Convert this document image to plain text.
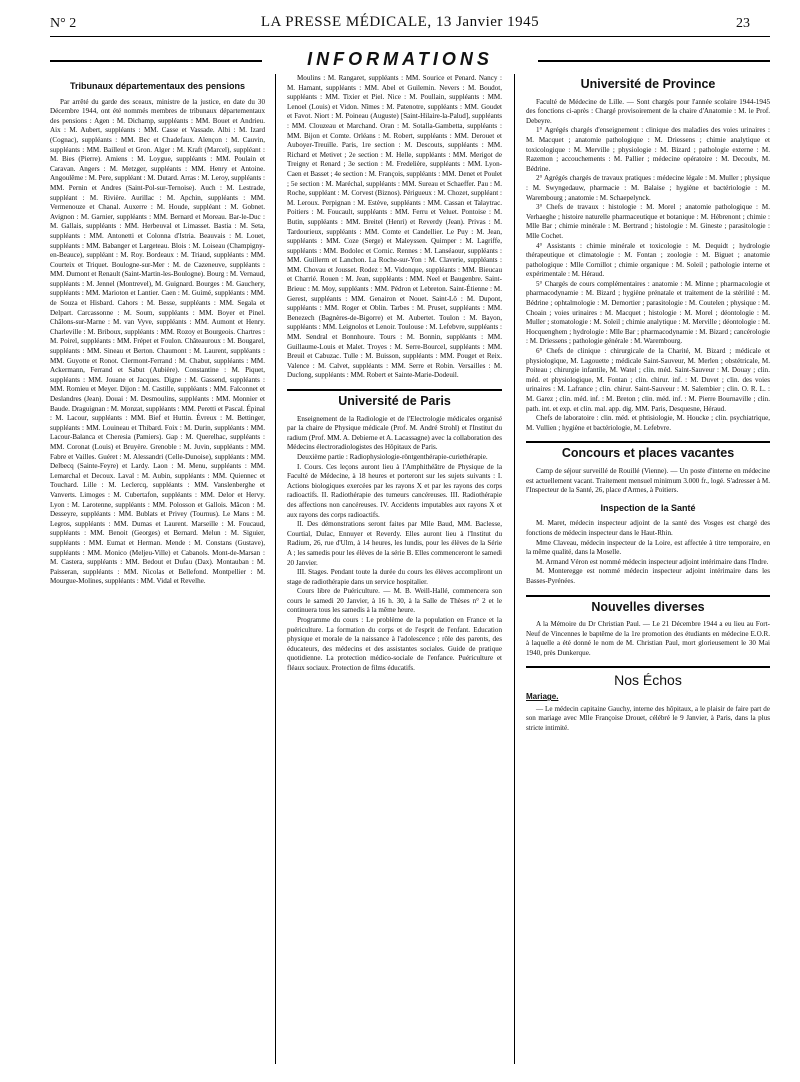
N° 2	LA PRESSE MÉDICALE, 13 Janvier 1945	23
INFORMATIONS
Tribunaux départementaux des pensions

Par arrêté du garde des sceaux, ministre de la justice, en date du 30 Décembre 1944, ont été nommés membres de tribunaux départementaux des pensions : Agen : M. Dichamp, suppléants : MM. Bouet et Andrieu. Aix : M. Aubert, suppléants : MM. Casse et Vassade. Albi : M. Izard (Cognac), suppléants : MM. Bec et Chadefaux. Alençon : M. Cauvin, suppléants : MM. Bailleul et Gron. Alger : M. Kraft (Marcel), suppléant : M. Bies (Pierre). Amiens : M. Loygue, suppléants : MM. Poulain et Caravan. Angers : M. Metzger, suppléants : MM. Henry et Antoine. Angoulême : M. Pere, suppléant : M. Dutard. Arras : M. Leroy, suppléants : MM. Pernin et Andres (Saint-Pol-sur-Ternoise). Auch : M. Lestrade, suppléant : M. Rivière. Aurillac : M. Apchin, suppléants : MM. Vermenouze et Chanal. Auxerre : M. Houde, suppléant : M. Gobnet. Avignon : M. Garnier, suppléants : MM. Bernard et Moreau. Bar-le-Duc : M. Gallais, suppléants : MM. Herbeuval et Limasset. Bastia : M. Seta, suppléants : MM. Antonetti et Colonna d'Istria. Beauvais : M. Louet, suppléants : MM. Babanger et Largeteau. Blois : M. Loiseau (Champigny-en-Beauce), suppléant : M. Roy. Bordeaux : M. Triaud, suppléants : MM. Courteix et Triquet. Boulogne-sur-Mer : M. de Cazeneuve, suppléants : MM. Dumont et Renault (Saint-Martin-les-Boulogne). Bourg : M. Vernaud, suppléants : M. Jennel (Montrevel), M. Guignard. Bourges : M. Gauchery, suppléants : MM. Marioton et Lantier. Caen : M. Guimé, suppléants : MM. de Souza et Hisbard. Cahors : M. Besse, suppléants : MM. Segala et Delpart. Carcassonne : M. Soum, suppléants : MM. Boyer et Pinel. Châlons-sur-Marne : M. van Vyve, suppléants : MM. Aumont et Henry. Charleville : M. Briboux, suppléants : MM. Rozoy et Bourgeois. Chartres : M. Poirel, suppléants : MM. Frépet et Foulon. Châteauroux : M. Bougarel, suppléants : MM. Sineau et Berton. Chaumont : M. Laurent, suppléants : MM. Guyotte et Ronot. Clermont-Ferrand : M. Chabut, suppléants : MM. Ackermann, Ferrand et Sabut (Aubière). Constantine : M. Piquet, suppléants : MM. Jouane et Jacques. Digne : M. Gassend, suppléants : MM. Romieu et Meyer. Dijon : M. Castille, suppléants : MM. Falconnet et Deslandres (Jean). Douai : M. Desmoulins, suppléants : MM. Monnier et Baude. Draguignan : M. Monzat, suppléants : MM. Peretti et Pascal. Épinal : M. Lacour, suppléants : MM. Bief et Huttin. Évreux : M. Bettinger, suppléants : MM. Louineau et Thibard. Foix : M. Durin, suppléants : MM. Lacour-Balanca et Cheresia (Pamiers). Gap : M. Querelhac, suppléants : MM. Coronat (Louis) et Bruyère. Grenoble : M. Juvin, suppléants : MM. Fabre et Vailles. Guéret : M. Alessandri (Celle-Dunoise), suppléants : MM. Delbecq (Sainte-Feyre) et Lardy. Laon : M. Menu, suppléants : MM. Lemarchal et Decoux. Laval : M. Aubin, suppléants : MM. Quiennec et Touchard. Lille : M. Leclercq, suppléants : MM. Vanslenberghe et Vanverts. Limoges : M. Cubertafon, suppléants : MM. Delor et Hervy. Lyon : M. Larotenne, suppléants : MM. Polosson et Gallois. Mâcon : M. Desseyre, suppléants : MM. Bublats et Privey (Tournus). Le Mans : M. Legros, suppléants : MM. Dumas et Laurent. Marseille : M. Foucaud, suppléants : MM. Benoit (Georges) et Bernard. Melun : M. Siguier, suppléants : MM. Eumat et Herman. Mende : M. Constans (Gustave), suppléants : MM. Monico (Meljeu-Ville) et Cabanols. Mont-de-Marsan : M. Castera, suppléants : MM. Bedout et Dufau (Dax). Montauban : M. Paisseran, suppléants : MM. Nicolas et Bellefond. Montpellier : M. Mourgue-Molines, suppléants : MM. Vidal et Revelhe.

Moulins : M. Rangaret, suppléants : MM. Sourice et Penard. Nancy : M. Hamant, suppléants : MM. Abel et Guilemin. Nevers : M. Boudot, suppléants : MM. Tixier et Piel. Nice : M. Poullain, suppléants : MM. Lenoel (Louis) et Vidon. Nîmes : M. Patenotre, suppléants : MM. Goudet et Favot. Niort : M. Poineau (Auguste) [Saint-Hilaire-la-Palud], suppléants : MM. Clouzeau et Marchand. Oran : M. Sotalla-Gambetta, suppléants : MM. Bijon et Comte. Orléans : M. Robert, suppléants : MM. Derouet et Auboyer-Treuille. Paris, 1re section : M. Descouts, suppléants : MM. Richard et Metivet ; 2e section : M. Helle, suppléants : MM. Merigot de Treigny et Renard ; 3e section : M. Fredelière, suppléants : MM. Lyon-Caen et Basset ; 4e section : M. François, suppléants : MM. Denet et Poulet ; 5e section : M. Maréchal, suppléants : MM. Sureau et Schaeffer. Pau : M. Roche, suppléant : M. Corvest (Biznos). Périgueux : M. Chozet, suppléant : M. Leroux. Perpignan : M. Estève, suppléants : MM. Cassan et Talaytrac. Poitiers : M. Foucault, suppléants : MM. Ferru et Veluet. Pontoise : M. Butin, suppléants : MM. Breitel (Henri) et Reverdy (Jean). Privas : M. Tardourieux, suppléants : MM. Comte et Candellier. Le Puy : M. Jean, suppléants : MM. Coze (Serge) et Maleyssen. Quimper : M. Lagriffe, suppléants : MM. Bodolec et Cornic. Rennes : M. Lanséaour, suppléants : MM. Guillerm et Lanchon. La Roche-sur-Yon : M. Claverie, suppléants : MM. Chovau et Jousset. Rodez : M. Vidonque, suppléants : MM. Bieucau et Charrié. Rouen : M. Jean, suppléants : MM. Neel et Baugenbre. Saint-Brieuc : M. Moy, suppléants : MM. Pédron et Lebreton. Saint-Étienne : M. Gerest, suppléants : MM. Genairon et Nouet. Saint-Lô : M. Dupont, suppléants : MM. Roger et Oblin. Tarbes : M. Pruset, suppléants : MM. Benezech (Bagnères-de-Bigorre) et M. Aubertet. Toulon : M. Bayon, suppléants : MM. Leignolos et Lenoir. Toulouse : M. Lefebvre, suppléants : MM. Sendral et Bonnhoure. Tours : M. Bonnin, suppléants : MM. Guillaume-Louis et Malet. Troyes : M. Serre-Bourcel, suppléants : MM. Breuil et Cabuzac. Tulle : M. Buisson, suppléants : MM. Pouget et Reix. Valence : M. Calvet, suppléants : MM. Serre et Robin. Versailles : M. Duclong, suppléants : MM. Robert et Sainte-Marie-Dodeuil.

Université de Paris

Enseignement de la Radiologie et de l'Electrologie médicales organisé par la chaire de Physique médicale (Prof. M. André Strohl) et l'Institut du radium (Prof. MM. A. Debierne et A. Lacassagne) avec la collaboration des Médecins électroradiologistes des Hôpitaux de Paris.

Deuxième partie : Radiophysiologie-röntgenthérapie-curiethérapie.

I. Cours. Ces leçons auront lieu à l'Amphithéâtre de Physique de la Faculté de Médecine, à 18 heures et porteront sur les sujets suivants : I. Actions biologiques exercées par les rayons X et par les rayons des corps radioactifs. II. Radiothérapie des tumeurs cancéreuses. III. Radiothérapie des affections non cancéreuses. IV. Accidents imputables aux rayons X et aux rayons des corps radioactifs.

II. Des démonstrations seront faites par Mlle Baud, MM. Baclesse, Courtial, Dulac, Ennuyer et Reverdy. Elles auront lieu à l'Institut du Radium, 26, rue d'Ulm, à 14 heures, les lundis, pour les élèves de la Série A ; les samedis pour les élèves de la série B. Elles commenceront le samedi 20 Janvier.

III. Stages. Pendant toute la durée du cours les élèves accompliront un stage de radiothérapie dans un service hospitalier.

Cours libre de Puériculture. — M. B. Weill-Hallé, commencera son cours le samedi 20 Janvier, à 16 h. 30, à la Salle de Thèses n° 2 et le continuera tous les samedis à la même heure.

Programme du cours : Le problème de la population en France et la puériculture. La formation du corps et de l'esprit de l'enfant. Education physique et morale de la naissance à l'adolescence ; rôle des parents, des éducateurs, des médecins et des assistantes sociales. Guide de pratique quotidienne. La protection médico-sociale de l'enfance. Puériculture et fléaux sociaux. Protection de films éducatifs.

Université de Province

Faculté de Médecine de Lille. — Sont chargés pour l'année scolaire 1944-1945 des fonctions ci-après : Chargé provisoirement de la chaire d'Anatomie : M. le Prof. Debeyre.

1° Agrégés chargés d'enseignement : clinique des maladies des voies urinaires : M. Macquet ; anatomie pathologique : M. Driessens ; chimie analytique et toxicologique : M. Merville ; physiologie : M. Bizard ; pathologie externe : M. Razemon ; accouchements : M. Pallier ; médecine opératoire : M. Decoulx, M. Bédrine.

2° Agrégés chargés de travaux pratiques : médecine légale : M. Muller ; physique : M. Swyngedauw, pharmacie : M. Balaise ; hygiène et bactériologie : M. Warembourg ; anatomie : M. Schaepelynck.

3° Chefs de travaux : histologie : M. Morel ; anatomie pathologique : M. Verhaeghe ; histoire naturelle pharmaceutique et botanique : M. Hébrenont ; chimie : Mlle Bar ; chimie minérale : M. Bertrand ; histologie : M. Gineste ; parasitologie : Mlle Cochet.

4° Assistants : chimie minérale et toxicologie : M. Dequidt ; hydrologie thérapeutique et climatologie : M. Fontan ; zoologie : M. Biguet ; anatomie pathologique : Mlle Cornillot ; chimie organique : M. Soleil ; pathologie interne et expérimentale : M. Héraud.

5° Chargés de cours complémentaires : anatomie : M. Minne ; pharmacologie et pharmacodynamie : M. Bizard ; hygiène prénatale et traitement de la stérilité : M. Bédrine ; ophtalmologie : M. Demortier ; parasitologie : M. Coutelen ; physique : M. Choain ; voies urinaires : M. Macquet ; histologie : M. Morel ; déontologie : M. Muller ; stomatologie : M. Soleil ; chimie analytique : M. Merville ; déontologie : M. Hocquenghem ; hydrologie : Mlle Bar ; pharmacodynamie : M. Bizard ; cancérologie : M. Driessens ; pathologie générale : M. Warembourg.

6° Chefs de clinique : chirurgicale de la Charité, M. Bizard ; médicale et physiologique, M. Lagouette ; médicale Saint-Sauveur, M. Merlen ; obstétricale, M. Poiteau ; chirurgie infantile, M. Watel ; clin. méd. Saint-Sauveur : M. Douay ; clin. méd. et physiologique, M. Fontan ; clin. chirur. inf. : M. Duvet ; clin. des voies urinaires : M. Lafrance ; clin. chirur. Saint-Sauveur : M. Salembier ; clin. O. R. L. : M. Garez ; clin. méd. inf. : M. Breton ; clin. méd. inf. : M. Pierre Bournaville ; clin. path. int. et exp. et clin. mal. app. dig. MM. Paris, Desquesne, Héraud.

Chefs de laboratoire : clin. méd. et phtisiologie, M. Houcke ; clin. psychiatrique, M. Vullien ; hygiène et bactériologie, M. Lefebvre.

Concours et places vacantes

Camp de séjour surveillé de Rouillé (Vienne). — Un poste d'interne en médecine est actuellement vacant. Traitement mensuel minimum 3.000 fr., logé. S'adresser à M. l'Inspecteur de la Santé, 26, place d'Armes, à Poitiers.

Inspection de la Santé

M. Maret, médecin inspecteur adjoint de la santé des Vosges est chargé des fonctions de médecin inspecteur dans le Haut-Rhin.

Mme Claveau, médecin inspecteur de la Loire, est affectée à titre temporaire, en la même qualité, dans la Moselle.

M. Armand Véron est nommé médecin inspecteur adjoint intérimaire dans l'Indre.

M. Monteregge est nommé médecin inspecteur adjoint intérimaire dans les Basses-Pyrénées.

Nouvelles diverses

A la Mémoire du Dr Christian Paul. — Le 21 Décembre 1944 a eu lieu au Fort-Neuf de Vincennes le baptême de la 1re promotion des étudiants en médecine E.O.R. à laquelle a été donné le nom de M. Christian Paul, mort glorieusement le 30 Mai 1940, près Dunkerque.

Nos Échos
Mariage.

— Le médecin capitaine Gauchy, interne des hôpitaux, a le plaisir de faire part de son mariage avec Mlle Françoise Drouet, célébré le 9 Janvier, à Paris, dans la plus stricte intimité.
